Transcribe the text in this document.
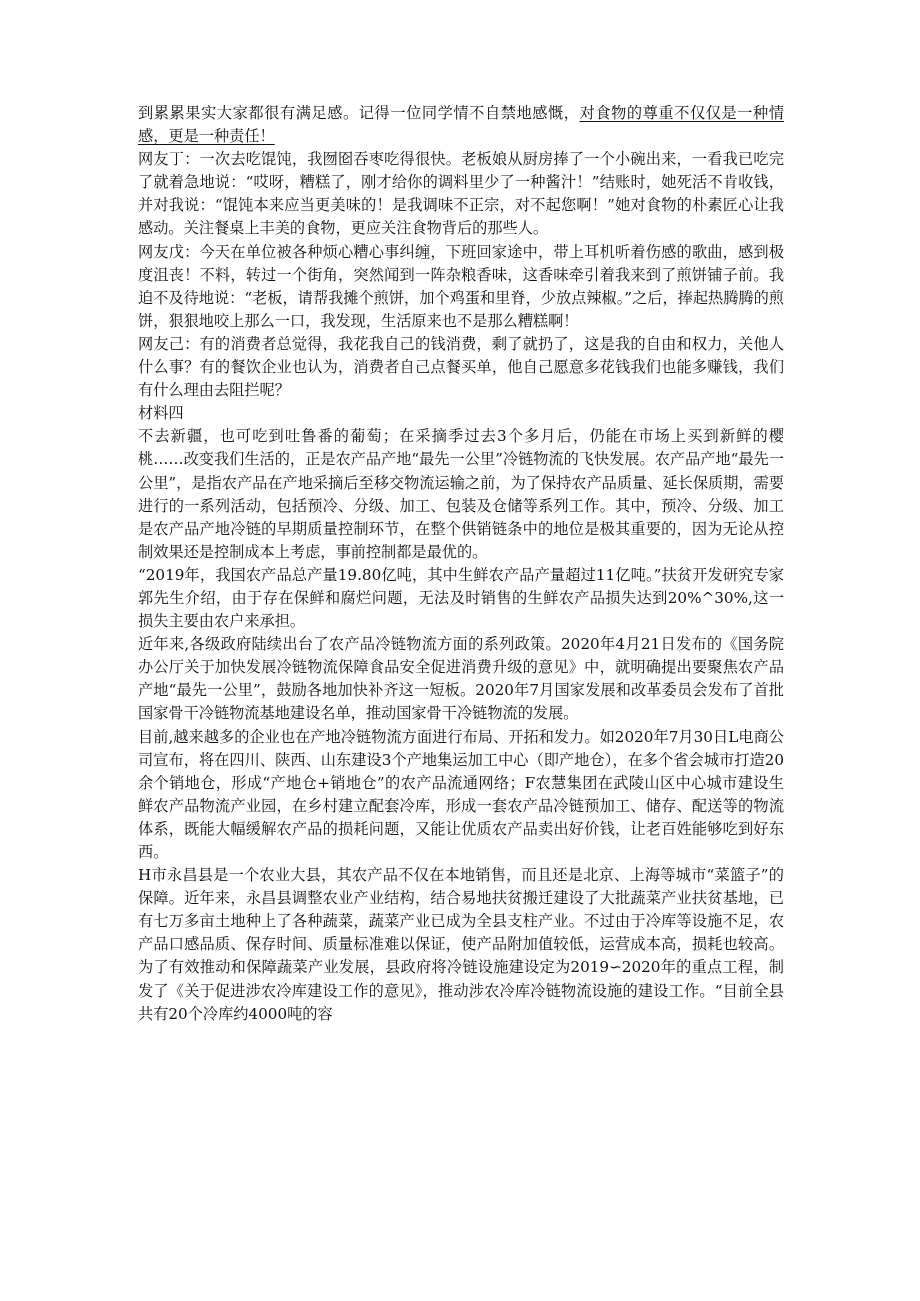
到累累果实大家都很有满足感。记得一位同学情不自禁地感慨，对食物的尊重不仅仅是一种情感，更是一种责任！

网友丁：一次去吃馄饨，我囫囵吞枣吃得很快。老板娘从厨房捧了一个小碗出来，一看我已吃完了就着急地说：“哎呀，糟糕了，刚才给你的调料里少了一种酱汁！”结账时，她死活不肯收钱，并对我说：“馄饨本来应当更美味的！是我调味不正宗，对不起您啊！”她对食物的朴素匠心让我感动。关注餐桌上丰美的食物，更应关注食物背后的那些人。

网友戊：今天在单位被各种烦心糟心事纠缠，下班回家途中，带上耳机听着伤感的歌曲，感到极度沮丧！不料，转过一个街角，突然闻到一阵杂粮香味，这香味牵引着我来到了煎饼铺子前。我迫不及待地说：“老板，请帮我摊个煎饼，加个鸡蛋和里脊，少放点辣椒。”之后，捧起热腾腾的煎饼，狠狠地咬上那么一口，我发现，生活原来也不是那么糟糕啊！

网友己：有的消费者总觉得，我花我自己的钱消费，剩了就扔了，这是我的自由和权力，关他人什么事？有的餐饮企业也认为，消费者自己点餐买单，他自己愿意多花钱我们也能多赚钱，我们有什么理由去阻拦呢？

材料四

不去新疆，也可吃到吐鲁番的葡萄；在采摘季过去3个多月后，仍能在市场上买到新鲜的樱桃……改变我们生活的，正是农产品产地“最先一公里”冷链物流的飞快发展。农产品产地“最先一公里”，是指农产品在产地采摘后至移交物流运输之前，为了保持农产品质量、延长保质期，需要进行的一系列活动，包括预冷、分级、加工、包装及仓储等系列工作。其中，预冷、分级、加工是农产品产地冷链的早期质量控制环节，在整个供销链条中的地位是极其重要的，因为无论从控制效果还是控制成本上考虑，事前控制都是最优的。

“2019年，我国农产品总产量19.80亿吨，其中生鲜农产品产量超过11亿吨。”扶贫开发研究专家郭先生介绍，由于存在保鲜和腐烂问题，无法及时销售的生鲜农产品损失达到20%^30%,这一损失主要由农户来承担。

近年来,各级政府陆续出台了农产品冷链物流方面的系列政策。2020年4月21日发布的《国务院办公厅关于加快发展冷链物流保障食品安全促进消费升级的意见》中，就明确提出要聚焦农产品产地“最先一公里”，鼓励各地加快补齐这一短板。2020年7月国家发展和改革委员会发布了首批国家骨干冷链物流基地建设名单，推动国家骨干冷链物流的发展。

目前,越来越多的企业也在产地冷链物流方面进行布局、开拓和发力。如2020年7月30日L电商公司宣布，将在四川、陕西、山东建设3个产地集运加工中心（即产地仓），在多个省会城市打造20余个销地仓，形成“产地仓+销地仓”的农产品流通网络；F农慧集团在武陵山区中心城市建设生鲜农产品物流产业园，在乡村建立配套冷库，形成一套农产品冷链预加工、储存、配送等的物流体系，既能大幅缓解农产品的损耗问题，又能让优质农产品卖出好价钱，让老百姓能够吃到好东西。

H市永昌县是一个农业大县，其农产品不仅在本地销售，而且还是北京、上海等城市“菜篮子”的保障。近年来，永昌县调整农业产业结构，结合易地扶贫搬迁建设了大批蔬菜产业扶贫基地，已有七万多亩土地种上了各种蔬菜，蔬菜产业已成为全县支柱产业。不过由于冷库等设施不足，农产品口感品质、保存时间、质量标准难以保证，使产品附加值较低，运营成本高，损耗也较高。为了有效推动和保障蔬菜产业发展，县政府将冷链设施建设定为2019∽2020年的重点工程，制发了《关于促进涉农冷库建设工作的意见》，推动涉农冷库冷链物流设施的建设工作。“目前全县共有20个冷库约4000吨的容
